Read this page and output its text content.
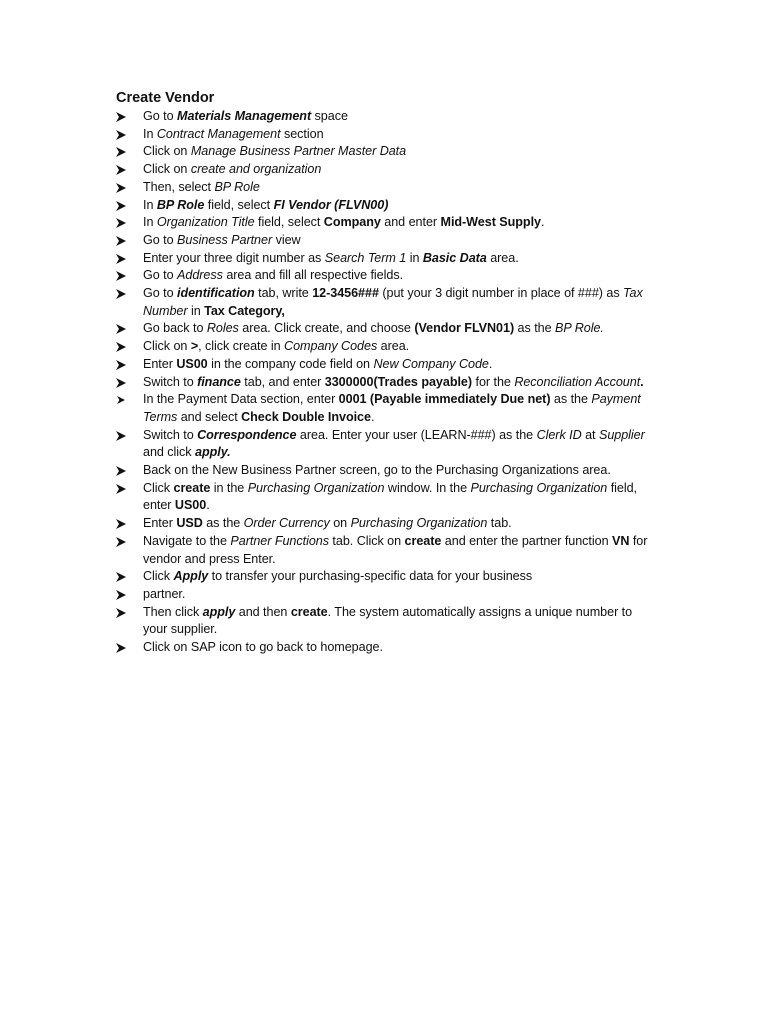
Create Vendor
Go to Materials Management space
In Contract Management section
Click on Manage Business Partner Master Data
Click on create and organization
Then, select BP Role
In BP Role field, select FI Vendor (FLVN00)
In Organization Title field, select Company and enter Mid-West Supply.
Go to Business Partner view
Enter your three digit number as Search Term 1 in Basic Data area.
Go to Address area and fill all respective fields.
Go to identification tab, write 12-3456### (put your 3 digit number in place of ###) as Tax Number in Tax Category,
Go back to Roles area. Click create, and choose (Vendor FLVN01) as the BP Role.
Click on >, click create in Company Codes area.
Enter US00 in the company code field on New Company Code.
Switch to finance tab, and enter 3300000(Trades payable) for the Reconciliation Account.
In the Payment Data section, enter 0001 (Payable immediately Due net) as the Payment Terms and select Check Double Invoice.
Switch to Correspondence area. Enter your user (LEARN-###) as the Clerk ID at Supplier and click apply.
Back on the New Business Partner screen, go to the Purchasing Organizations area.
Click create in the Purchasing Organization window. In the Purchasing Organization field, enter US00.
Enter USD as the Order Currency on Purchasing Organization tab.
Navigate to the Partner Functions tab. Click on create and enter the partner function VN for vendor and press Enter.
Click Apply to transfer your purchasing-specific data for your business
partner.
Then click apply and then create. The system automatically assigns a unique number to your supplier.
Click on SAP icon to go back to homepage.
